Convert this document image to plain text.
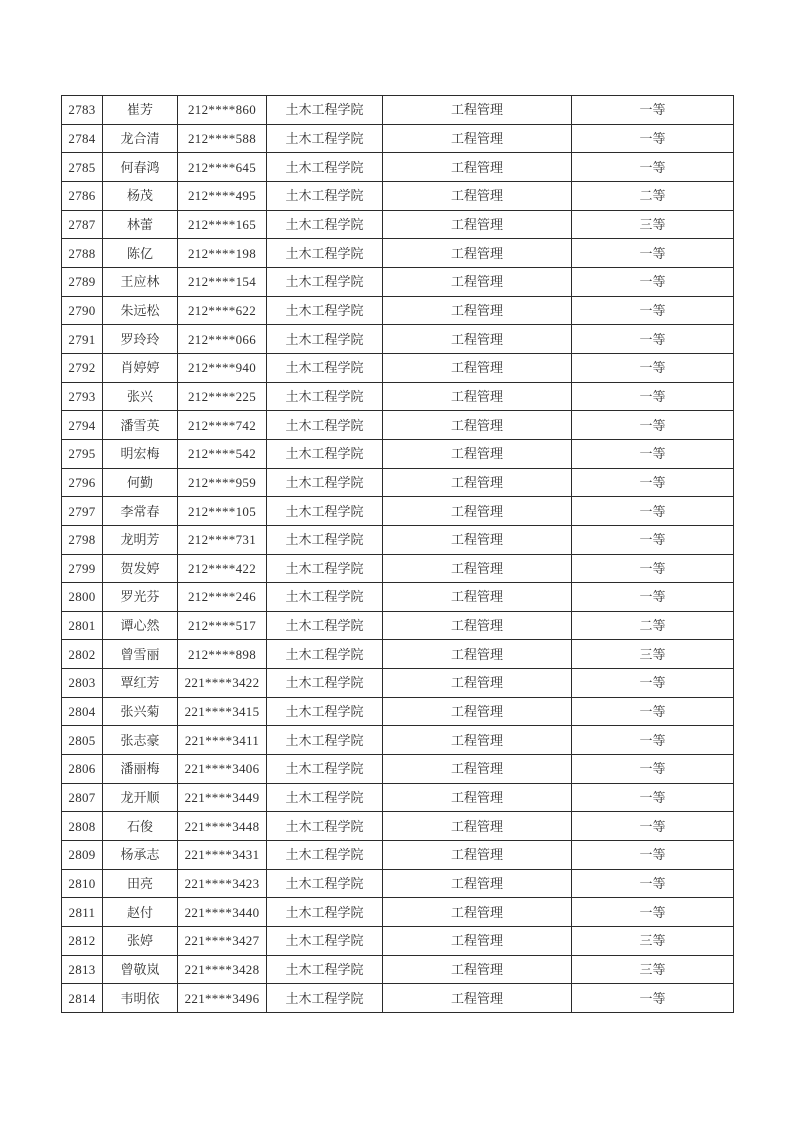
2783	崔芳	212****860	土木工程学院	工程管理	一等
2784	龙合清	212****588	土木工程学院	工程管理	一等
2785	何春鸿	212****645	土木工程学院	工程管理	一等
2786	杨茂	212****495	土木工程学院	工程管理	二等
2787	林蕾	212****165	土木工程学院	工程管理	三等
2788	陈亿	212****198	土木工程学院	工程管理	一等
2789	王应林	212****154	土木工程学院	工程管理	一等
2790	朱远松	212****622	土木工程学院	工程管理	一等
2791	罗玲玲	212****066	土木工程学院	工程管理	一等
2792	肖婷婷	212****940	土木工程学院	工程管理	一等
2793	张兴	212****225	土木工程学院	工程管理	一等
2794	潘雪英	212****742	土木工程学院	工程管理	一等
2795	明宏梅	212****542	土木工程学院	工程管理	一等
2796	何勤	212****959	土木工程学院	工程管理	一等
2797	李常春	212****105	土木工程学院	工程管理	一等
2798	龙明芳	212****731	土木工程学院	工程管理	一等
2799	贺发婷	212****422	土木工程学院	工程管理	一等
2800	罗光芬	212****246	土木工程学院	工程管理	一等
2801	谭心然	212****517	土木工程学院	工程管理	二等
2802	曾雪丽	212****898	土木工程学院	工程管理	三等
2803	覃红芳	221****3422	土木工程学院	工程管理	一等
2804	张兴菊	221****3415	土木工程学院	工程管理	一等
2805	张志豪	221****3411	土木工程学院	工程管理	一等
2806	潘丽梅	221****3406	土木工程学院	工程管理	一等
2807	龙开顺	221****3449	土木工程学院	工程管理	一等
2808	石俊	221****3448	土木工程学院	工程管理	一等
2809	杨承志	221****3431	土木工程学院	工程管理	一等
2810	田亮	221****3423	土木工程学院	工程管理	一等
2811	赵付	221****3440	土木工程学院	工程管理	一等
2812	张婷	221****3427	土木工程学院	工程管理	三等
2813	曾敬岚	221****3428	土木工程学院	工程管理	三等
2814	韦明依	221****3496	土木工程学院	工程管理	一等
